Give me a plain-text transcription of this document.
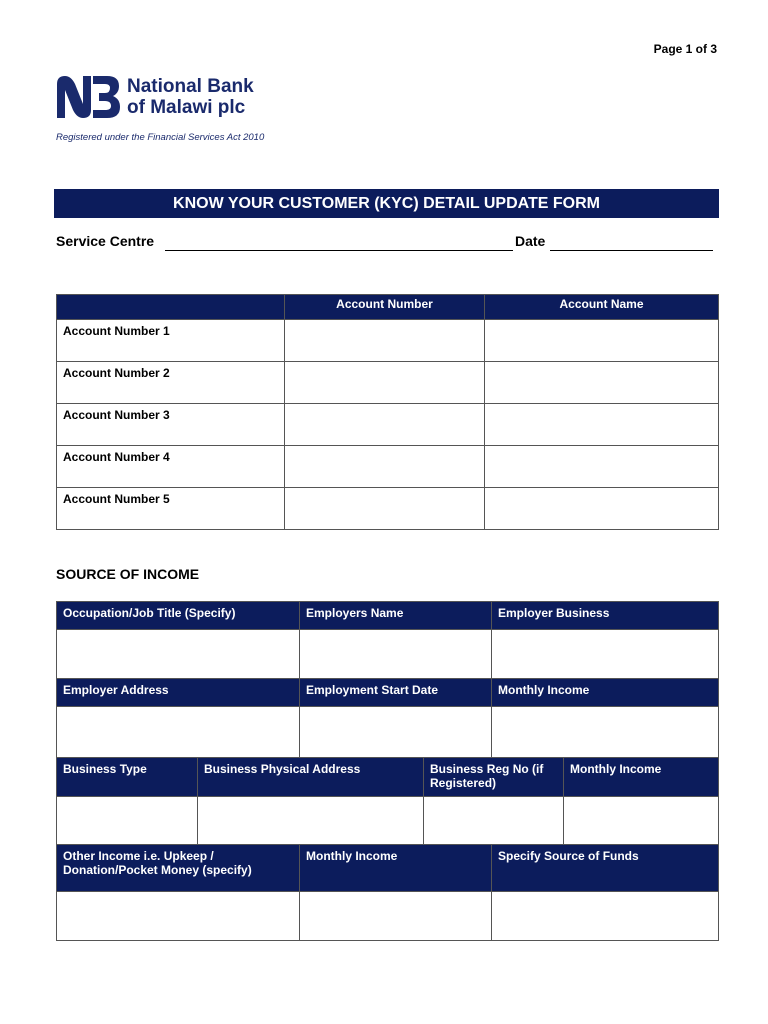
Page 1 of 3
National Bank
of Malawi plc
Registered under the Financial Services Act 2010
KNOW YOUR CUSTOMER (KYC) DETAIL UPDATE FORM
Service Centre	Date
	Account Number	Account Name
Account Number 1		
Account Number 2		
Account Number 3		
Account Number 4		
Account Number 5		
SOURCE OF INCOME
Occupation/Job Title (Specify)	Employers Name	Employer Business

Employer Address	Employment Start Date	Monthly Income

Business Type	Business Physical Address	Business Reg No (if Registered)	Monthly Income

Other Income i.e. Upkeep / Donation/Pocket Money (specify)	Monthly Income	Specify Source of Funds
